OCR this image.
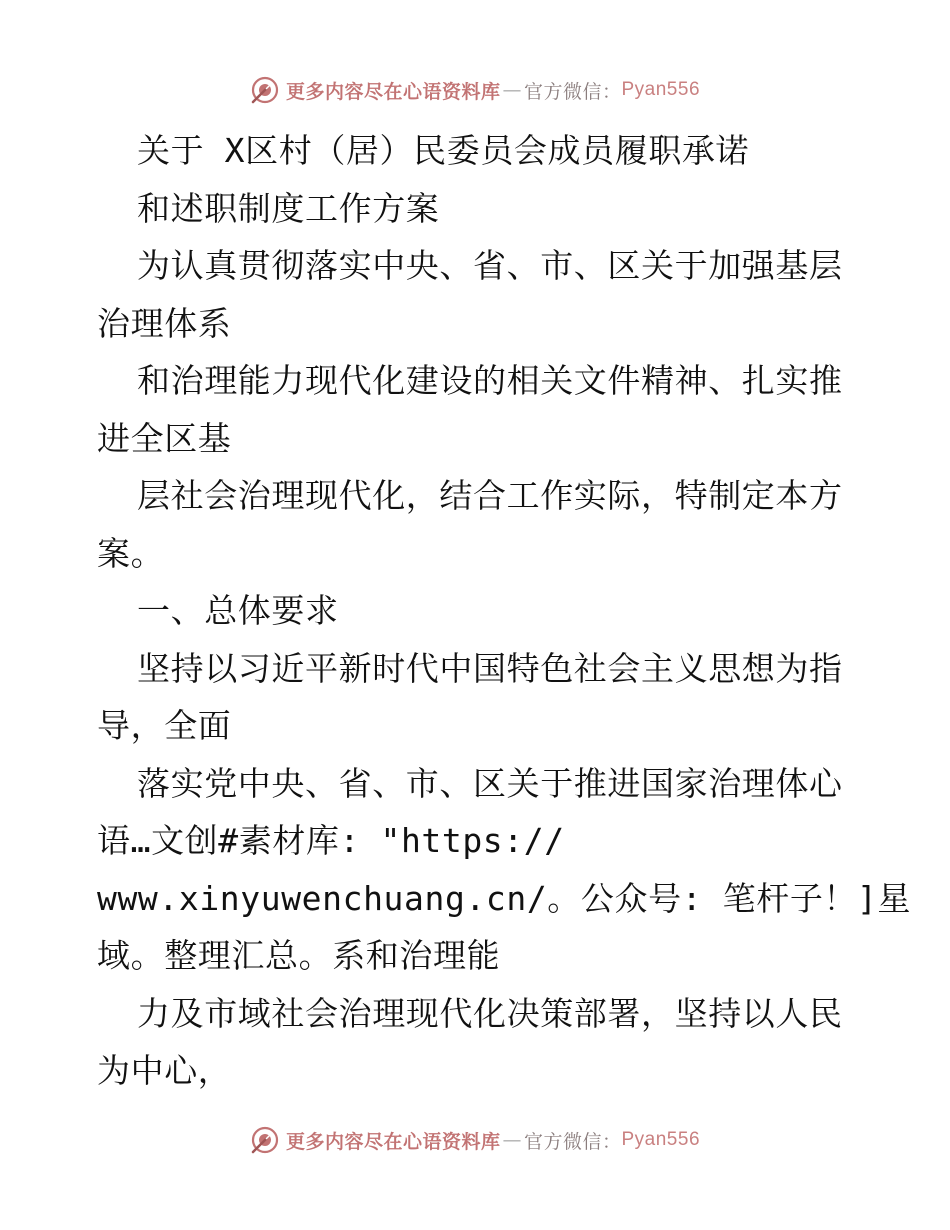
更多内容尽在心语资料库 — 官方微信： Pyan556
关于 X区村（居）民委员会成员履职承诺
和述职制度工作方案
为认真贯彻落实中央、省、市、区关于加强基层
治理体系
和治理能力现代化建设的相关文件精神、扎实推
进全区基
层社会治理现代化，结合工作实际，特制定本方
案。
一、总体要求
坚持以习近平新时代中国特色社会主义思想为指
导，全面
落实党中央、省、市、区关于推进国家治理体心
语…文创#素材库: "https://
www.xinyuwenchuang.cn/。公众号: 笔杆子！]星
域。整理汇总。系和治理能
力及市域社会治理现代化决策部署，坚持以人民
为中心，
更多内容尽在心语资料库 — 官方微信： Pyan556
